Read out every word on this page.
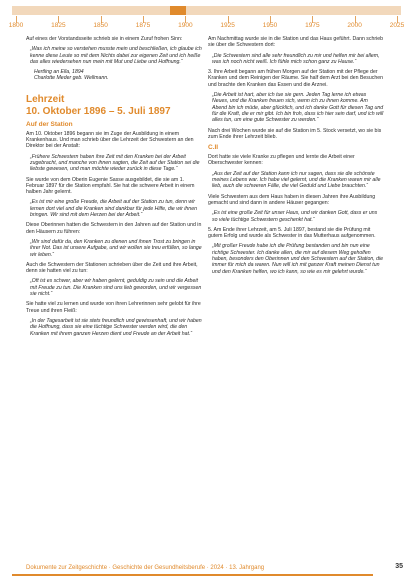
1800	1825	1850	1875	1900	1925	1950	1975	2000	2025

Auf eines der Vorstandsseite schrieb sie in einem Zuruf frohen Sinn:

„Was ich meine so verstehen musste mein und beschließen, ich glaube ich kenne diese Leute so mit dem Nichts dabei zur eigenen Zeit und ich heiße das alles wiedersehen nun mein mit Mut und Liebe und Hoffnung.“

Hertling an Ella, 1894
Charlotte Meder geb. Wellmann.

Lehrzeit
10. Oktober 1896 – 5. Juli 1897
Auf der Station

Am 10. Oktober 1896 begann sie im Zuge der Ausbildung in einem Krankenhaus. Und man schrieb über die Lehrzeit der Schwestern an den Direktor bei der Anstalt:

„Frühere Schwestern haben ihre Zeit mit den Kranken bei der Arbeit zugebracht, und manche von ihnen sagten, die Zeit auf der Station sei die liebste gewesen, und man möchte wieder zurück in diese Tage.“

Sie wurde von dem Oberin Eugenie Sasse ausgebildet, die sie am 1. Februar 1897 für die Station empfahl. Sie hat die schwere Arbeit in einem halben Jahr gelernt.

„Es ist mir eine große Freude, die Arbeit auf der Station zu tun, denn wir lernen dort viel und die Kranken sind dankbar für jede Hilfe, die wir ihnen bringen. Wir sind mit dem Herzen bei der Arbeit.“

Diese Oberinnen hatten die Schwestern in den Jahren auf der Station und in den Häusern zu führen:

„Wir sind dafür da, den Kranken zu dienen und ihnen Trost zu bringen in ihrer Not. Das ist unsere Aufgabe, und wir wollen sie treu erfüllen, so lange wir leben.“

Auch die Schwestern der Stationen schrieben über die Zeit und ihre Arbeit, denn sie hatten viel zu tun:

„Oft ist es schwer, aber wir haben gelernt, geduldig zu sein und die Arbeit mit Freude zu tun. Die Kranken sind uns lieb geworden, und wir vergessen sie nicht.“

Sie hatte viel zu lernen und wurde von ihren Lehrerinnen sehr gelobt für ihre Treue und ihren Fleiß:

„In der Tagesarbeit ist sie stets freundlich und gewissenhaft, und wir haben die Hoffnung, dass sie eine tüchtige Schwester werden wird, die den Kranken mit ihrem ganzen Herzen dient und Freude an der Arbeit hat.“

Am Nachmittag wurde sie in die Station und das Haus geführt. Dann schrieb sie über die Schwestern dort:

„Die Schwestern sind alle sehr freundlich zu mir und helfen mir bei allem, was ich noch nicht weiß. Ich fühle mich schon ganz zu Hause.“

3. Ihre Arbeit begann am frühen Morgen auf der Station mit der Pflege der Kranken und dem Reinigen der Räume. Sie half dem Arzt bei den Besuchen und brachte den Kranken das Essen und die Arznei.

„Die Arbeit ist hart, aber ich tue sie gern. Jeden Tag lerne ich etwas Neues, und die Kranken freuen sich, wenn ich zu ihnen komme. Am Abend bin ich müde, aber glücklich, und ich danke Gott für diesen Tag und für die Kraft, die er mir gibt. Ich bin froh, dass ich hier sein darf, und ich will alles tun, um eine gute Schwester zu werden.“

Nach drei Wochen wurde sie auf die Station im 5. Stock versetzt, wo sie bis zum Ende ihrer Lehrzeit blieb.

C.II

Dort hatte sie viele Kranke zu pflegen und lernte die Arbeit einer Oberschwester kennen:

„Aus der Zeit auf der Station kann ich nur sagen, dass sie die schönste meines Lebens war. Ich habe viel gelernt, und die Kranken waren mir alle lieb, auch die schweren Fälle, die viel Geduld und Liebe brauchten.“

Viele Schwestern aus dem Haus haben in diesen Jahren ihre Ausbildung gemacht und sind dann in andere Häuser gegangen:

„Es ist eine große Zeit für unser Haus, und wir danken Gott, dass er uns so viele tüchtige Schwestern geschenkt hat.“

5. Am Ende ihrer Lehrzeit, am 5. Juli 1897, bestand sie die Prüfung mit gutem Erfolg und wurde als Schwester in das Mutterhaus aufgenommen.

„Mit großer Freude habe ich die Prüfung bestanden und bin nun eine richtige Schwester. Ich danke allen, die mir auf diesem Weg geholfen haben, besonders den Oberinnen und den Schwestern auf der Station, die immer für mich da waren. Nun will ich mit ganzer Kraft meinen Dienst tun und den Kranken helfen, wo ich kann, so wie es mir gelehrt wurde.“

Dokumente zur Zeitgeschichte · Geschichte der Gesundheitsberufe · 2024 · 13. Jahrgang	35
